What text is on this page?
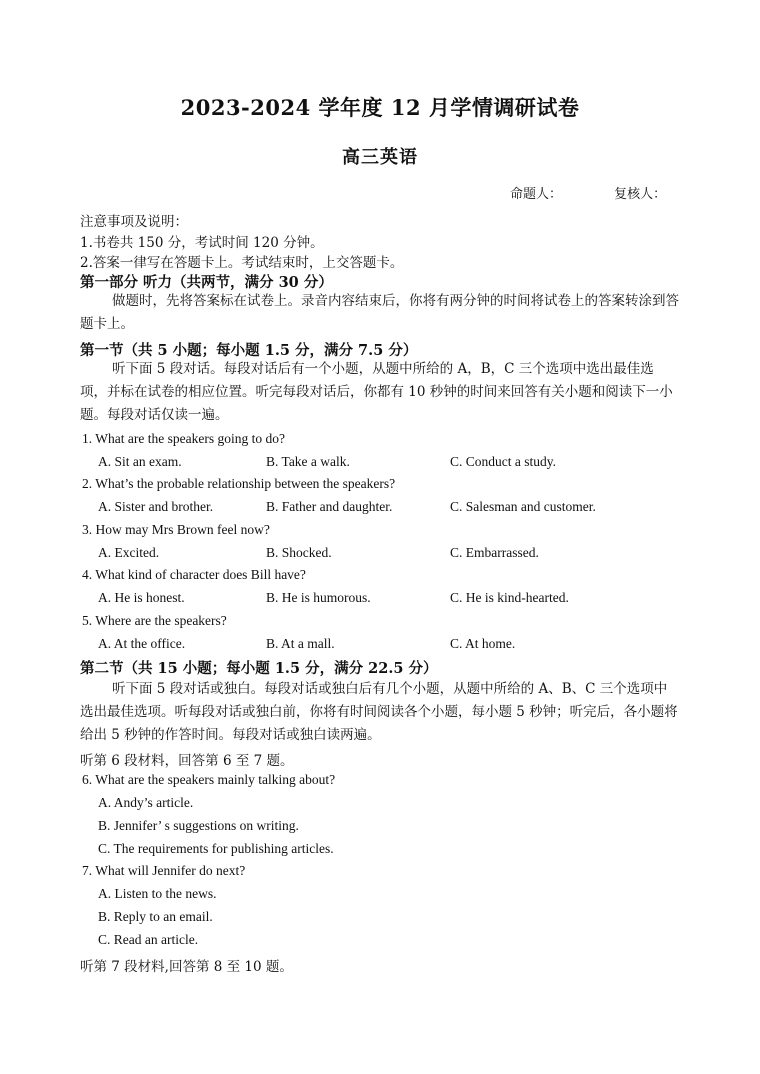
2023-2024 学年度 12 月学情调研试卷
高三英语
命题人：	复核人：
注意事项及说明：
1.书卷共 150 分，考试时间 120 分钟。
2.答案一律写在答题卡上。考试结束时，上交答题卡。
第一部分 听力（共两节，满分 30 分）
做题时，先将答案标在试卷上。录音内容结束后，你将有两分钟的时间将试卷上的答案转涂到答题卡上。
第一节（共 5 小题；每小题 1.5 分，满分 7.5 分）
听下面 5 段对话。每段对话后有一个小题，从题中所给的 A，B，C 三个选项中选出最佳选项，并标在试卷的相应位置。听完每段对话后，你都有 10 秒钟的时间来回答有关小题和阅读下一小题。每段对话仅读一遍。
1. What are the speakers going to do?
A. Sit an exam.	B. Take a walk.	C. Conduct a study.
2. What’s the probable relationship between the speakers?
A. Sister and brother.	B. Father and daughter.	C. Salesman and customer.
3. How may Mrs Brown feel now?
A. Excited.	B. Shocked.	C. Embarrassed.
4. What kind of character does Bill have?
A. He is honest.	B. He is humorous.	C. He is kind-hearted.
5. Where are the speakers?
A. At the office.	B. At a mall.	C. At home.
第二节（共 15 小题；每小题 1.5 分，满分 22.5 分）
听下面 5 段对话或独白。每段对话或独白后有几个小题，从题中所给的 A、B、C 三个选项中选出最佳选项。听每段对话或独白前，你将有时间阅读各个小题，每小题 5 秒钟；听完后，各小题将给出 5 秒钟的作答时间。每段对话或独白读两遍。
听第 6 段材料，回答第 6 至 7 题。
6. What are the speakers mainly talking about?
A. Andy’s article.
B. Jennifer’ s suggestions on writing.
C. The requirements for publishing articles.
7. What will Jennifer do next?
A. Listen to the news.
B. Reply to an email.
C. Read an article.
听第 7 段材料,回答第 8 至 10 题。
